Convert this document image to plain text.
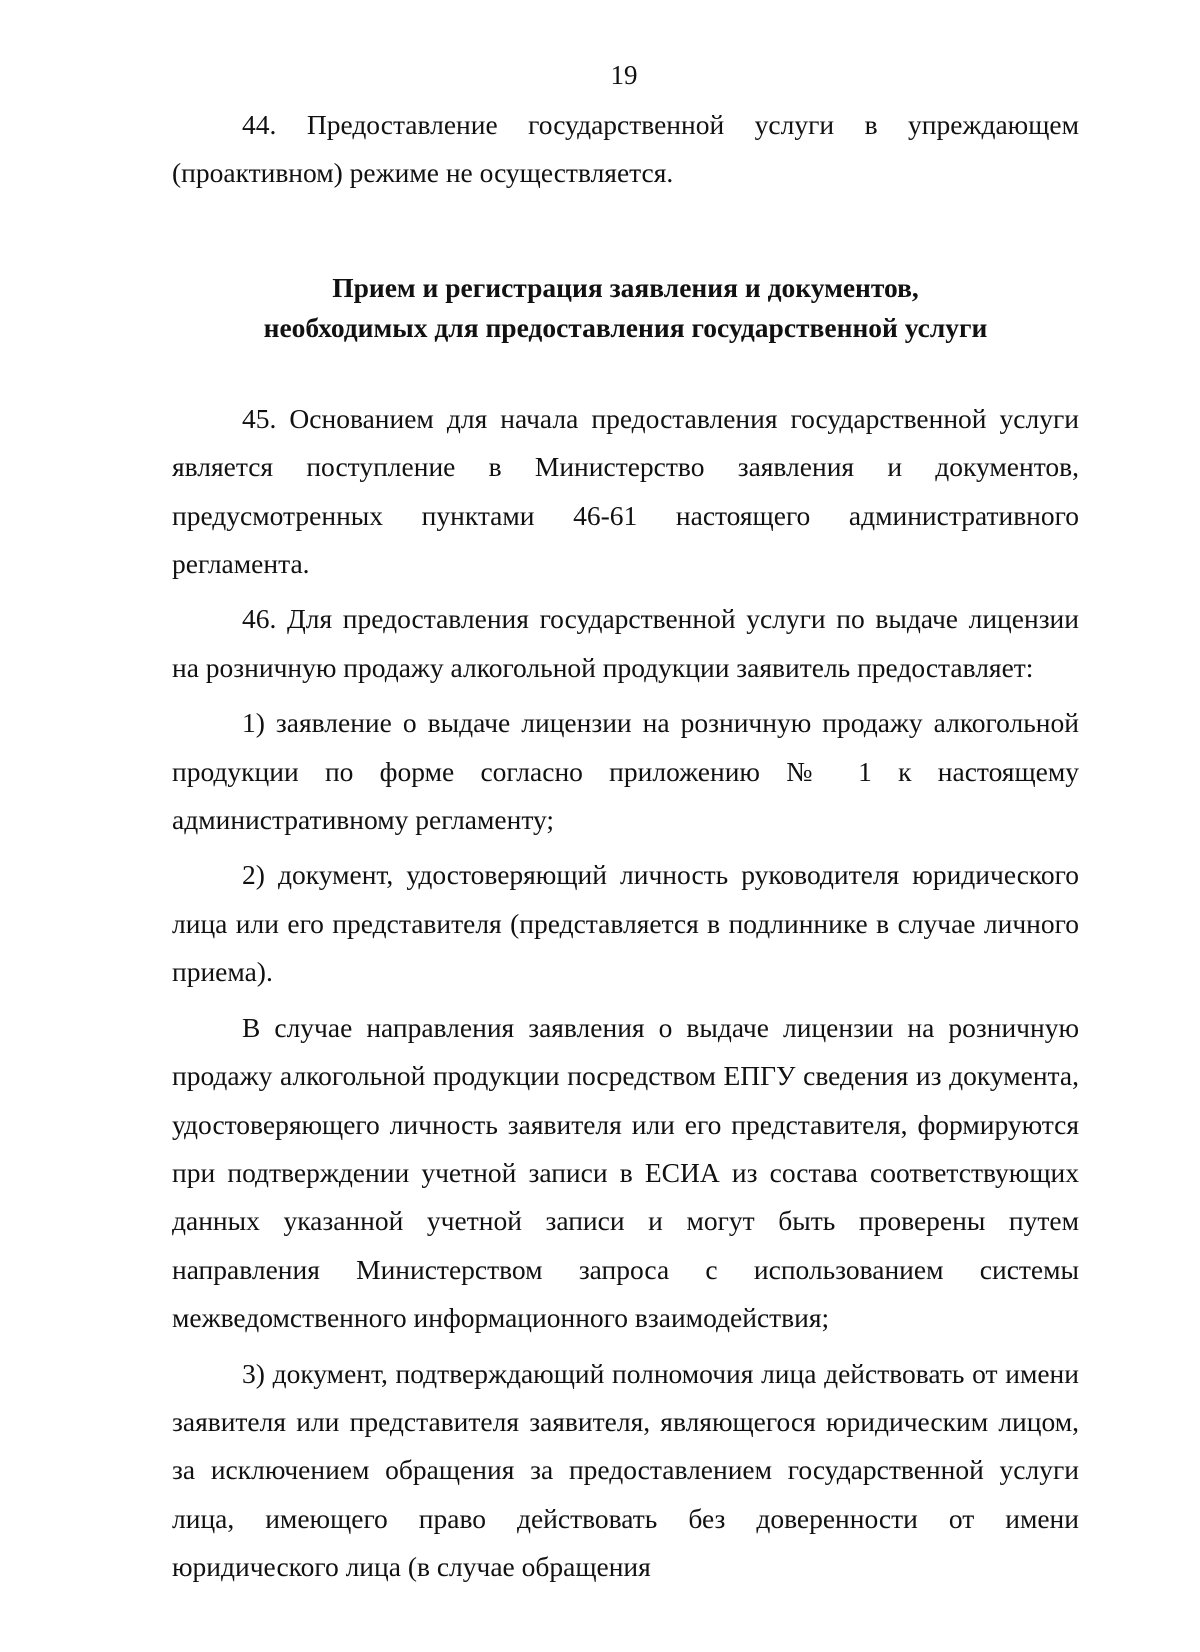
19

44. Предоставление государственной услуги в упреждающем (проактивном) режиме не осуществляется.

Прием и регистрация заявления и документов,

необходимых для предоставления государственной услуги

45. Основанием для начала предоставления государственной услуги является поступление в Министерство заявления и документов, предусмотренных пунктами 46-61 настоящего административного регламента.

46. Для предоставления государственной услуги по выдаче лицензии на розничную продажу алкогольной продукции заявитель предоставляет:

1) заявление о выдаче лицензии на розничную продажу алкогольной продукции по форме согласно приложению № 1 к настоящему административному регламенту;

2) документ, удостоверяющий личность руководителя юридического лица или его представителя (представляется в подлиннике в случае личного приема).

В случае направления заявления о выдаче лицензии на розничную продажу алкогольной продукции посредством ЕПГУ сведения из документа, удостоверяющего личность заявителя или его представителя, формируются при подтверждении учетной записи в ЕСИА из состава соответствующих данных указанной учетной записи и могут быть проверены путем направления Министерством запроса с использованием системы межведомственного информационного взаимодействия;

3) документ, подтверждающий полномочия лица действовать от имени заявителя или представителя заявителя, являющегося юридическим лицом, за исключением обращения за предоставлением государственной услуги лица, имеющего право действовать без доверенности от имени юридического лица (в случае обращения
